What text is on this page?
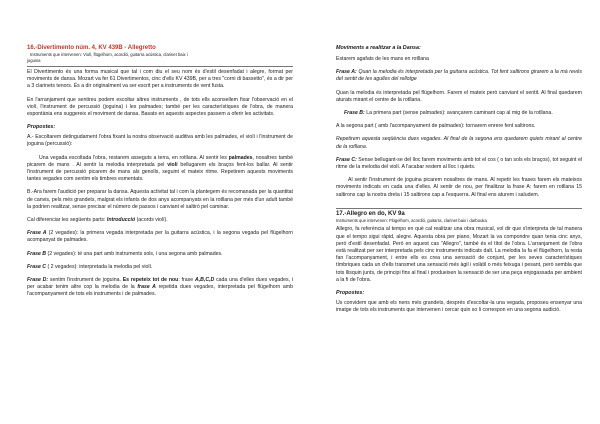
16.-Divertimento núm. 4, KV 439B - Allegretto
Instruments que intervenen: Violí, flügelhorn, acordió, guitarra acústica, clarinet baix i
joguina

El Divertimento és una forma musical que tal i com diu el seu nom és d'estil desenfadat i alegre, format per moviments de dansa. Mozart va fer 61 Divertimentos, cinc d'ells KV 439B, per a tres "corni di bassetto", és a dir per a 3 clarinets tenors. És a dir originalment va ser escrit per a instruments de vent fusta.

En l'arranjament que sentireu podem escoltar altres instruments , de tots ells aconsellem fixar l'observació en el violí, l'instrument de percussió (joguina) i les palmades; també per les característiques de l'obra, de manera espontània ens suggereix el moviment de dansa. Basats en aquests aspectes passem a oferir les activitats.

Propostes:

A.- Escoltarem detingudament l'obra fixant la nostra observació auditiva amb les palmades, el violí i l'instrument de joguina (percussió):

Una vegada escoltada l'obra, restarem asseguts a terra, en rotllana. Al sentir les palmades, nosaltres també picarem de mans . Al sentir la melodia interpretada pel violí bellugarem els braços fent-los ballar. Al sentir l'instrument de percussió picarem de mans als genolls, seguint el mateix ritme. Repetirem aquests moviments tantes vegades com sentim els timbres esmentats.

B.-Ara farem l'audició per preparar la dansa. Aquesta activitat tal i com la plantegem és recomanada per la quantitat de canvis, pels més grandets, malgrat els infants de dos anys acompanyats en la rotllana per més d'un adult també la podrien realitzar, sense precisar el número de passos i canviant el saltiró pel caminar.

Cal diferenciar les següents parts: Introducció (acords violí).

Frase A (2 vegades): la primera vegada interpretada per la guitarra acústica, i la segona vegada pel flügelhorn acompanyat de palmades.

Frase B (2 vegades): té una part amb instruments sols, i una segona amb palmades.

Frase C ( 2 vegades): interpretada la melodia pel violí.

Frase D: sentim l'instrument de joguina. Es repeteix tot de nou: frase A,B,C,D cada una d'elles dues vegades, i per acabar tenim altre cop la melodia de la frase A repetida dues vegades, interpretada pel flügelhorn amb l'acompanyament de tots els instruments i de palmades.

Moviments a realitzar a la Dansa:

Estarem agafats de les mans en rotllana

Frase A: Quan la melodia és interpretada per la guitarra acústica. Tot fent saltirons girarem a la mà revés del sentit de les agulles del rellotge

Quan la melodia és interpretada pel flügelhorn. Farem el mateix però canviant el sentit. Al final quedarem aturats mirant el centre de la rotllana.

Frase B: La primera part (sense palmades): avançarem caminant cap al mig de la rotllana.

A la segona part ( amb l'acompanyament de palmades): tornarem enrere fent saltirons.

Repetirem aquesta seqüència dues vegades. Al final de la segona ens quedarem quiets mirant al centre de la rotllana.

Frase C: Sense bellugant-se del lloc farem moviments amb tot el cos ( o tan sols els braços), tot seguint el ritme de la melodia del violí. A l'acabar restem al lloc i quiets.

Al sentir l'instrument de joguina picarem nosaltres de mans. Al repetir les frases farem els mateixos moviments indicats en cada una d'elles. Al sentir de nou, per finalitzar la frase A: farem en rotllana 15 saltirons cap la nostra dreta i 15 saltirons cap a l'esquerra. Al final ens aturem i saludem.

17.-Allegro en do, KV 9a
Instruments que intervenen: Flügelhorn, acordió, guitarra, clarinet baix i darbouka

Allegro, fa referència al tempo en què cal realitzar una obra musical, vol dir que s'interpreta de tal manera que el tempo sigui ràpid, alegre. Aquesta obra per piano, Mozart la va compondre quan tenia cinc anys, però d'estil desenfadat. Però en aquest cas "Allegro", també és el títol de l'obra. L'arranjament de l'obra està realitzat per ser interpretada pels cinc instruments indicats dalt. La melodia la fa el flügelhorn, la resta fan l'acompanyament, i entre ells es crea una sensació de conjunt, per les seves característiques tímbriques cada un d'ells transmet una sensació més àgil i volàtil o més feixuga i pesant, però sembla que tots llisquin junts, de principi fins al final i produeixen la sensació de ser una peça enjogassada per ambient a la fi de l'obra.

Propostes:

Us convidem que amb els nens més grandets, després d'escoltar-la una vegada, proposeu ensenyar una imatge de tots els instruments que intervenen i cercar quin so li correspon en una segona audició.
